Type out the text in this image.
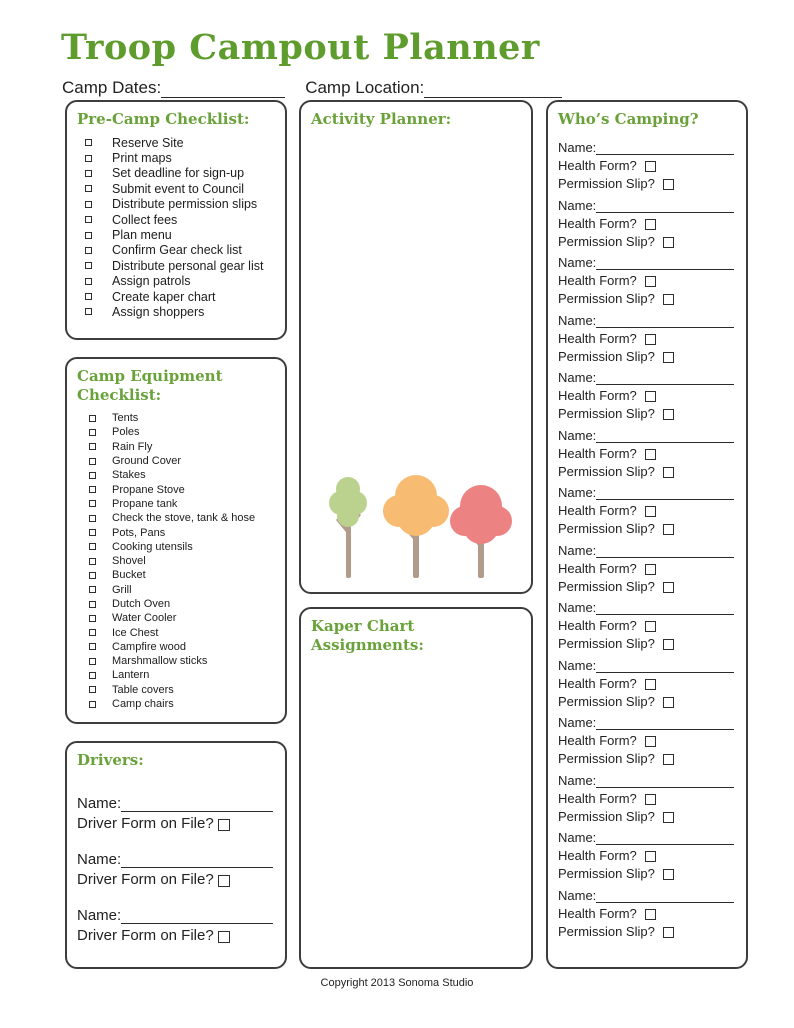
Troop Campout Planner
Camp Dates:	Camp Location:
Pre-Camp Checklist:
Reserve Site
Print maps
Set deadline for sign-up
Submit event to Council
Distribute permission slips
Collect fees
Plan menu
Confirm Gear check list
Distribute personal gear list
Assign patrols
Create kaper chart
Assign shoppers
Camp Equipment Checklist:
Tents
Poles
Rain Fly
Ground Cover
Stakes
Propane Stove
Propane tank
Check the stove, tank & hose
Pots, Pans
Cooking utensils
Shovel
Bucket
Grill
Dutch Oven
Water Cooler
Ice Chest
Campfire wood
Marshmallow sticks
Lantern
Table covers
Camp chairs
Drivers:
Name:
Driver Form on File?
Name:
Driver Form on File?
Name:
Driver Form on File?
Activity Planner:
Kaper Chart Assignments:
Who’s Camping?
Name:
Health Form?
Permission Slip?
Name:
Health Form?
Permission Slip?
Name:
Health Form?
Permission Slip?
Name:
Health Form?
Permission Slip?
Name:
Health Form?
Permission Slip?
Name:
Health Form?
Permission Slip?
Name:
Health Form?
Permission Slip?
Name:
Health Form?
Permission Slip?
Name:
Health Form?
Permission Slip?
Name:
Health Form?
Permission Slip?
Name:
Health Form?
Permission Slip?
Name:
Health Form?
Permission Slip?
Name:
Health Form?
Permission Slip?
Name:
Health Form?
Permission Slip?
Copyright 2013 Sonoma Studio
